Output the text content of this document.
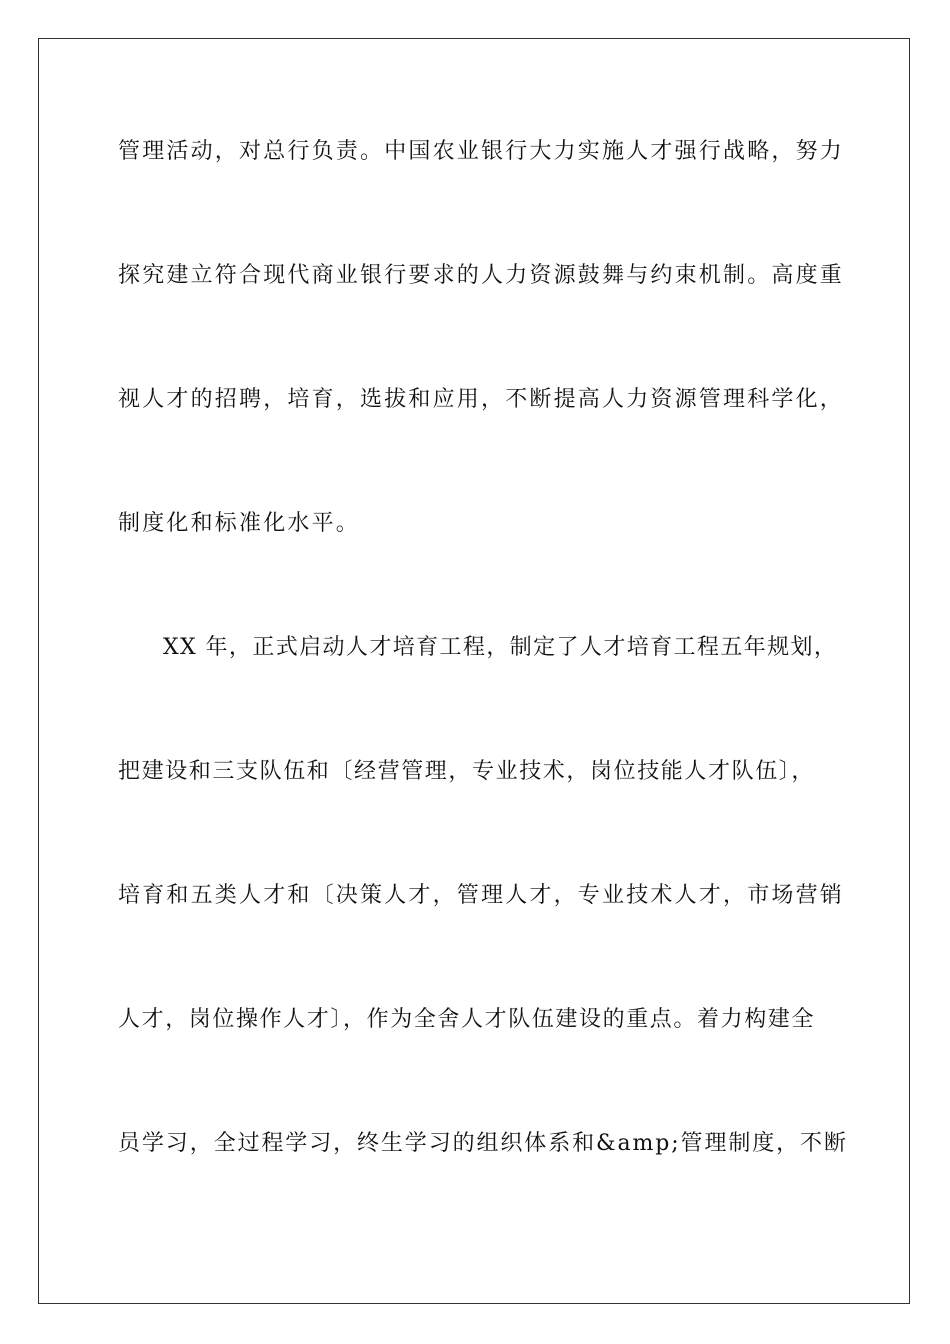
管理活动，对总行负责。中国农业银行大力实施人才强行战略，努力
探究建立符合现代商业银行要求的人力资源鼓舞与约束机制。高度重
视人才的招聘，培育，选拔和应用，不断提高人力资源管理科学化，
制度化和标准化水平。
XX 年，正式启动人才培育工程，制定了人才培育工程五年规划，
把建设和三支队伍和〔经营管理，专业技术，岗位技能人才队伍〕，
培育和五类人才和〔决策人才，管理人才，专业技术人才，市场营销
人才，岗位操作人才〕，作为全舍人才队伍建设的重点。着力构建全
员学习，全过程学习，终生学习的组织体系和&amp;管理制度，不断
